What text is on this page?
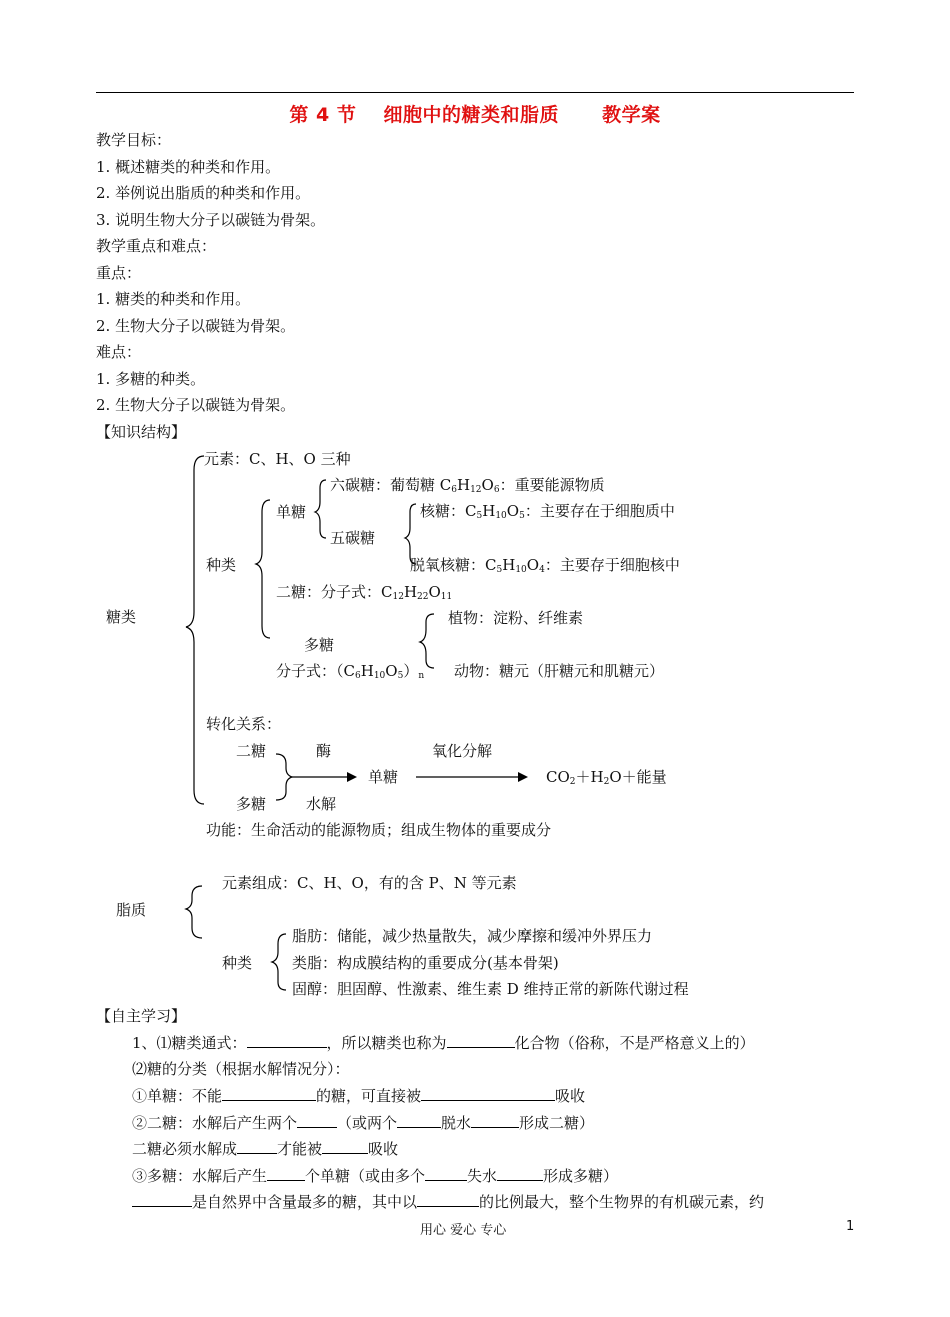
第 4 节 细胞中的糖类和脂质 教学案
教学目标：
1. 概述糖类的种类和作用。
2. 举例说出脂质的种类和作用。
3. 说明生物大分子以碳链为骨架。
教学重点和难点：
重点：
1. 糖类的种类和作用。
2. 生物大分子以碳链为骨架。
难点：
1. 多糖的种类。
2. 生物大分子以碳链为骨架。
【知识结构】
糖类
元素：C、H、O 三种
种类
单糖
六碳糖：葡萄糖 $C_6H_{12}O_6$：重要能源物质
五碳糖
核糖：$C_5H_{10}O_5$：主要存在于细胞质中
脱氧核糖：$C_5H_{10}O_4$：主要存于细胞核中
二糖：分子式：$C_{12}H_{22}O_{11}$
多糖
分子式：$(C_6H_{10}O_5)_n$
植物：淀粉、纤维素
动物：糖元（肝糖元和肌糖元）
转化关系：
二糖
多糖
酶
水解
单糖
氧化分解
$CO_2+H_2O+$能量
功能：生命活动的能源物质；组成生物体的重要成分
脂质
元素组成：C、H、O，有的含 P、N 等元素
种类
脂肪：储能，减少热量散失，减少摩擦和缓冲外界压力
类脂：构成膜结构的重要成分(基本骨架)
固醇：胆固醇、性激素、维生素 D 维持正常的新陈代谢过程
【自主学习】
1、⑴糖类通式：	，所以糖类也称为	化合物（俗称，不是严格意义上的）
⑵糖的分类（根据水解情况分）：
①单糖：不能	的糖，可直接被	吸收
②二糖：水解后产生两个	（或两个	脱水	形成二糖）
二糖必须水解成	才能被	吸收
③多糖：水解后产生	个单糖（或由多个	失水	形成多糖）
是自然界中含量最多的糖，其中以	的比例最大，整个生物界的有机碳元素，约
用心 爱心 专心	1
